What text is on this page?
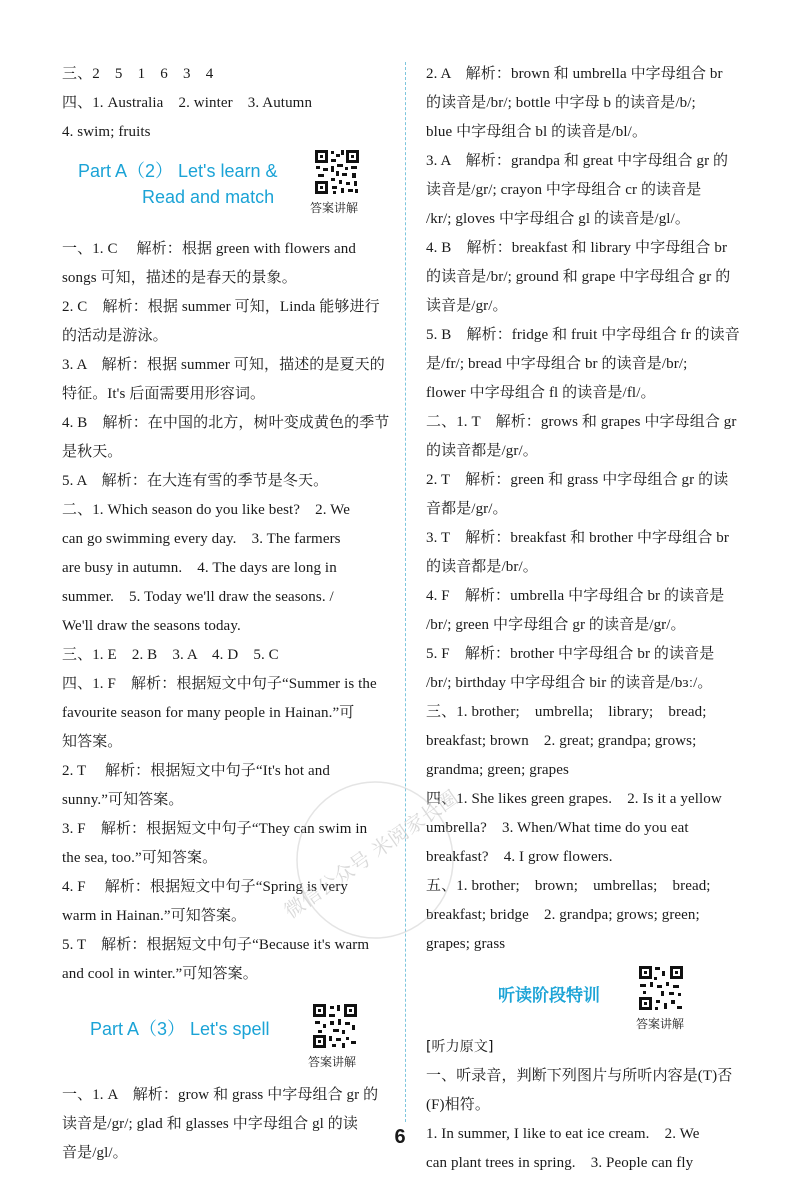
三、2　5　1　6　3　4
四、1. Australia　2. winter　3. Autumn
4. swim; fruits
Part A（2） Let's learn &
Read and match
答案讲解
一、1. C　 解析：根据 green with flowers and
songs 可知，描述的是春天的景象。
2. C　解析：根据 summer 可知，Linda 能够进行
的活动是游泳。
3. A　解析：根据 summer 可知，描述的是夏天的
特征。It's 后面需要用形容词。
4. B　解析：在中国的北方，树叶变成黄色的季节
是秋天。
5. A　解析：在大连有雪的季节是冬天。
二、1. Which season do you like best?　2. We
can go swimming every day.　3. The farmers
are busy in autumn.　4. The days are long in
summer.　5. Today we'll draw the seasons. /
We'll draw the seasons today.
三、1. E　2. B　3. A　4. D　5. C
四、1. F　解析：根据短文中句子“Summer is the
favourite season for many people in Hainan.”可
知答案。
2. T　 解析：根据短文中句子“It's hot and
sunny.”可知答案。
3. F　解析：根据短文中句子“They can swim in
the sea, too.”可知答案。
4. F　 解析：根据短文中句子“Spring is very
warm in Hainan.”可知答案。
5. T　解析：根据短文中句子“Because it's warm
and cool in winter.”可知答案。
Part A（3） Let's spell
答案讲解
一、1. A　解析：grow 和 grass 中字母组合 gr 的
读音是/gr/; glad 和 glasses 中字母组合 gl 的读
音是/gl/。
2. A　解析：brown 和 umbrella 中字母组合 br
的读音是/br/; bottle 中字母 b 的读音是/b/;
blue 中字母组合 bl 的读音是/bl/。
3. A　解析：grandpa 和 great 中字母组合 gr 的
读音是/gr/; crayon 中字母组合 cr 的读音是
/kr/; gloves 中字母组合 gl 的读音是/gl/。
4. B　解析：breakfast 和 library 中字母组合 br
的读音是/br/; ground 和 grape 中字母组合 gr 的
读音是/gr/。
5. B　解析：fridge 和 fruit 中字母组合 fr 的读音
是/fr/; bread 中字母组合 br 的读音是/br/;
flower 中字母组合 fl 的读音是/fl/。
二、1. T　解析：grows 和 grapes 中字母组合 gr
的读音都是/gr/。
2. T　解析：green 和 grass 中字母组合 gr 的读
音都是/gr/。
3. T　解析：breakfast 和 brother 中字母组合 br
的读音都是/br/。
4. F　解析：umbrella 中字母组合 br 的读音是
/br/; green 中字母组合 gr 的读音是/gr/。
5. F　解析：brother 中字母组合 br 的读音是
/br/; birthday 中字母组合 bir 的读音是/bɜː/。
三、1. brother;　umbrella;　library;　bread;
breakfast; brown　2. great; grandpa; grows;
grandma; green; grapes
四、1. She likes green grapes.　2. Is it a yellow
umbrella?　3. When/What time do you eat
breakfast?　4. I grow flowers.
五、1. brother;　brown;　umbrellas;　bread;
breakfast; bridge　2. grandpa; grows; green;
grapes; grass
听读阶段特训
答案讲解
[听力原文]
一、听录音，判断下列图片与所听内容是(T)否
(F)相符。
1. In summer, I like to eat ice cream.　2. We
can plant trees in spring.　3. People can fly
微信公众号 米阅家长圈
6
